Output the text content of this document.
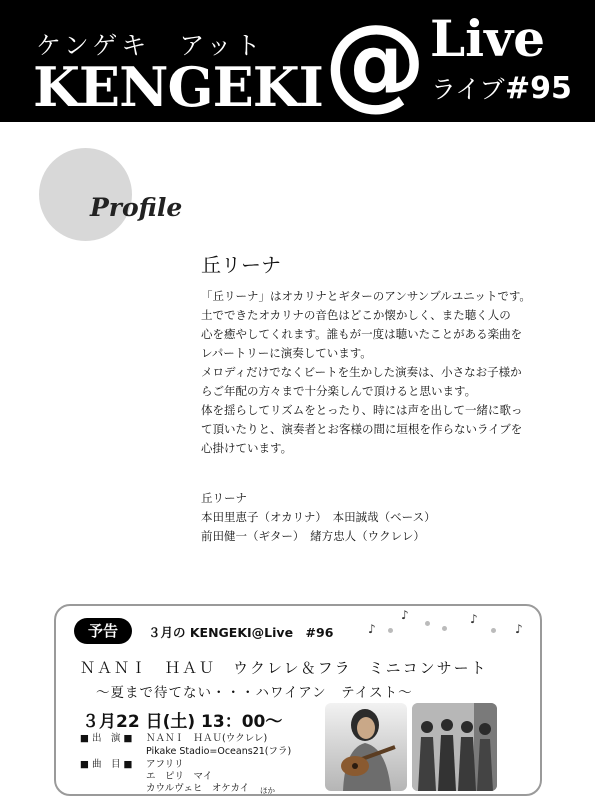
ケンゲキ　アット
KENGEKI @ Live
ライブ #95
Profile
丘リーナ

「丘リーナ」はオカリナとギターのアンサンブルユニットです。

土でできたオカリナの音色はどこか懐かしく、また聴く人の

心を癒やしてくれます。誰もが一度は聴いたことがある楽曲を

レパートリーに演奏しています。

メロディだけでなくビートを生かした演奏は、小さなお子様か

らご年配の方々まで十分楽しんで頂けると思います。

体を揺らしてリズムをとったり、時には声を出して一緒に歌っ

て頂いたりと、演奏者とお客様の間に垣根を作らないライブを

心掛けています。

丘リーナ

本田里恵子（オカリナ）　本田誠哉（ベース）

前田健一（ギター）　緒方忠人（ウクレレ）

予告	３月の KENGEKI@Live　#96	♪
♪	♪
♪
ＮＡＮＩ　ＨＡＵ　ウクレレ＆フラ　ミニコンサート
～夏まで待てない・・・ハワイアン　テイスト～
３月22 日(土) 13：00～
■ 出　演 ■ ＮＡＮＩ　ＨＡＵ(ウクレレ)
Pikake Stadio=Oceans21(フラ)
■ 曲　目 ■ アフリリ
エ　ピリ　マイ
カウルヴェヒ　オケカイ ほか
